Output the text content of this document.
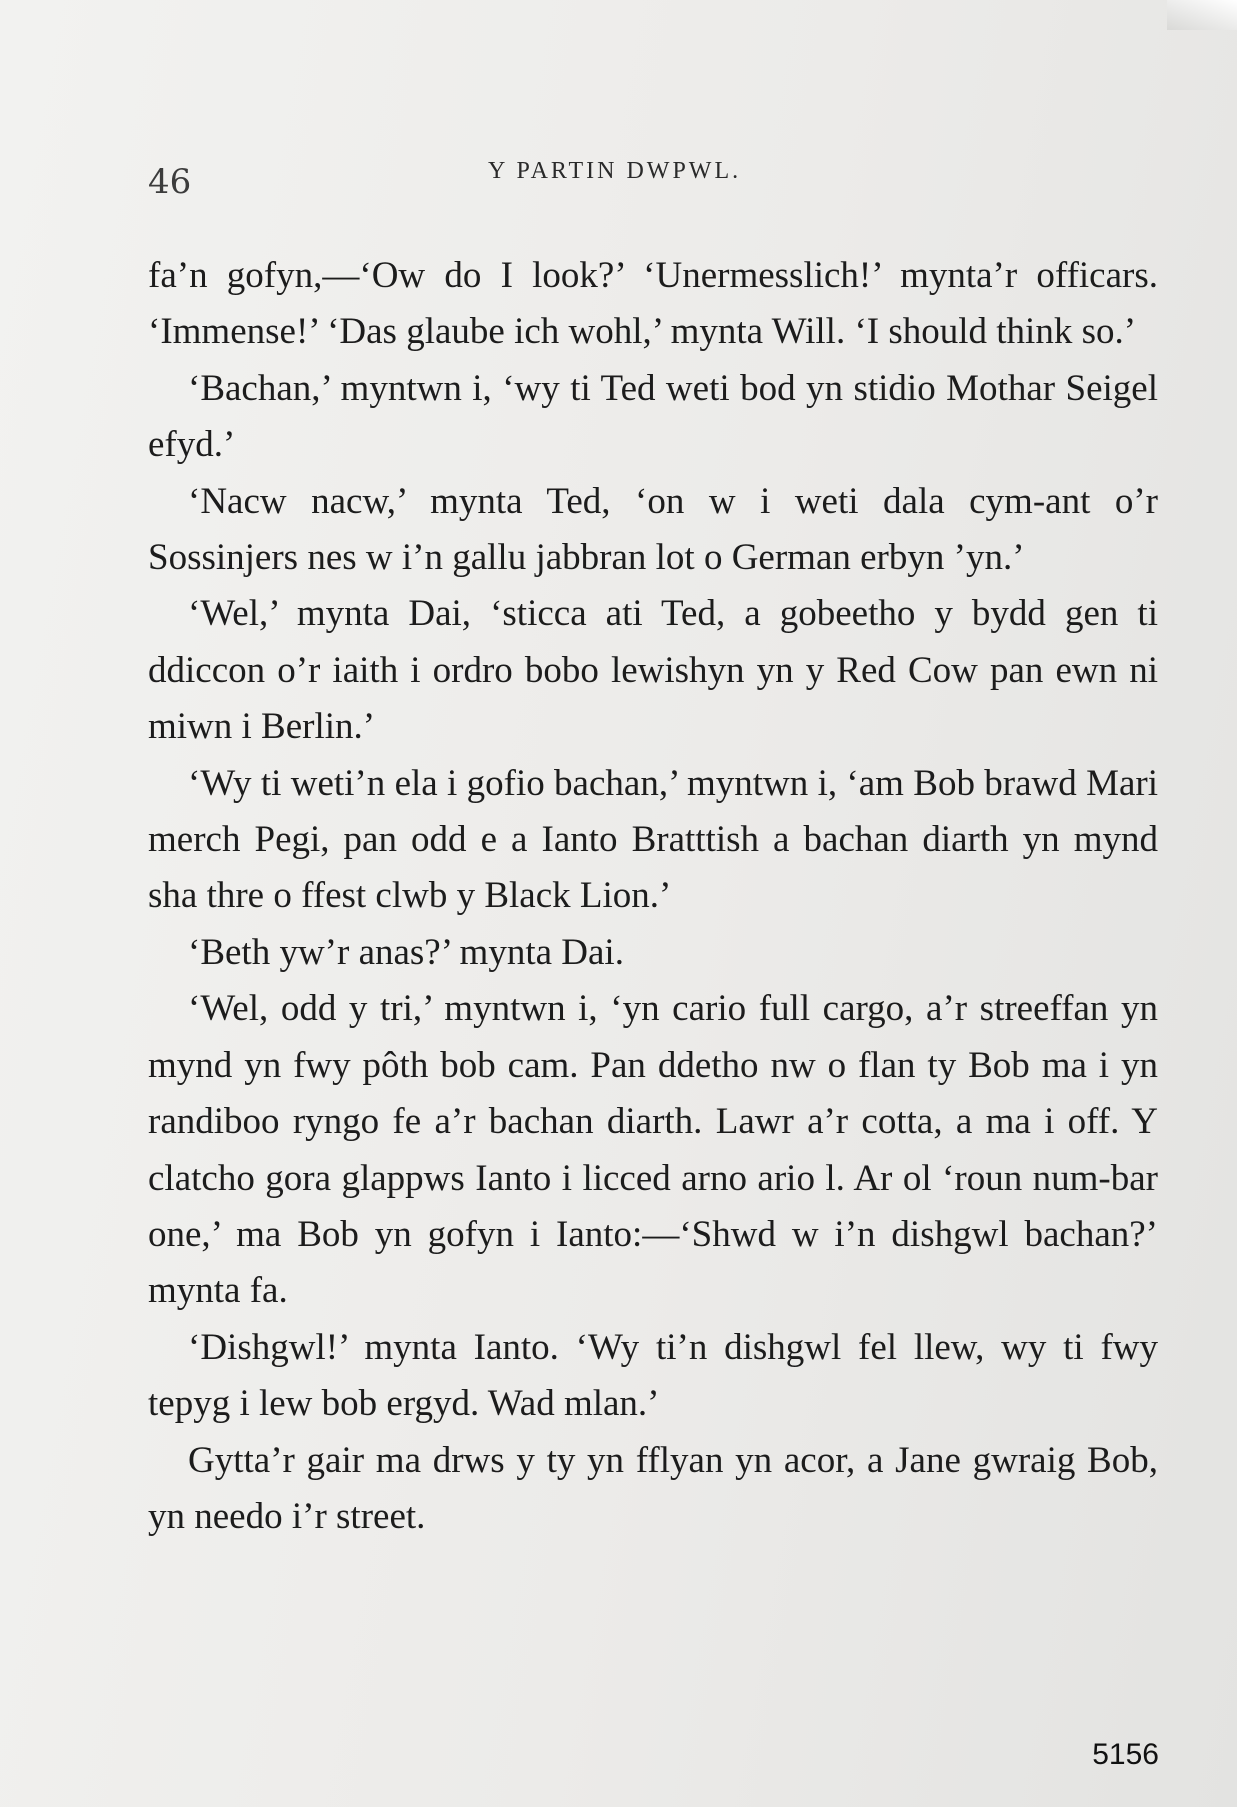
46	Y PARTIN DWPWL.

fa’n gofyn,—‘Ow do I look?’ ‘Unermesslich!’ mynta’r officars. ‘Immense!’ ‘Das glaube ich wohl,’ mynta Will. ‘I should think so.’

‘Bachan,’ myntwn i, ‘wy ti Ted weti bod yn stidio Mothar Seigel efyd.’

‘Nacw nacw,’ mynta Ted, ‘on w i weti dala cym-ant o’r Sossinjers nes w i’n gallu jabbran lot o German erbyn ’yn.’

‘Wel,’ mynta Dai, ‘sticca ati Ted, a gobeetho y bydd gen ti ddiccon o’r iaith i ordro bobo lewishyn yn y Red Cow pan ewn ni miwn i Berlin.’

‘Wy ti weti’n ela i gofio bachan,’ myntwn i, ‘am Bob brawd Mari merch Pegi, pan odd e a Ianto Bratttish a bachan diarth yn mynd sha thre o ffest clwb y Black Lion.’

‘Beth yw’r anas?’ mynta Dai.

‘Wel, odd y tri,’ myntwn i, ‘yn cario full cargo, a’r streeffan yn mynd yn fwy pôth bob cam. Pan ddetho nw o flan ty Bob ma i yn randiboo ryngo fe a’r bachan diarth. Lawr a’r cotta, a ma i off. Y clatcho gora glappws Ianto i licced arno ario l. Ar ol ‘roun num-bar one,’ ma Bob yn gofyn i Ianto:—‘Shwd w i’n dishgwl bachan?’ mynta fa.

‘Dishgwl!’ mynta Ianto. ‘Wy ti’n dishgwl fel llew, wy ti fwy tepyg i lew bob ergyd. Wad mlan.’

Gytta’r gair ma drws y ty yn fflyan yn acor, a Jane gwraig Bob, yn needo i’r street.

5156
